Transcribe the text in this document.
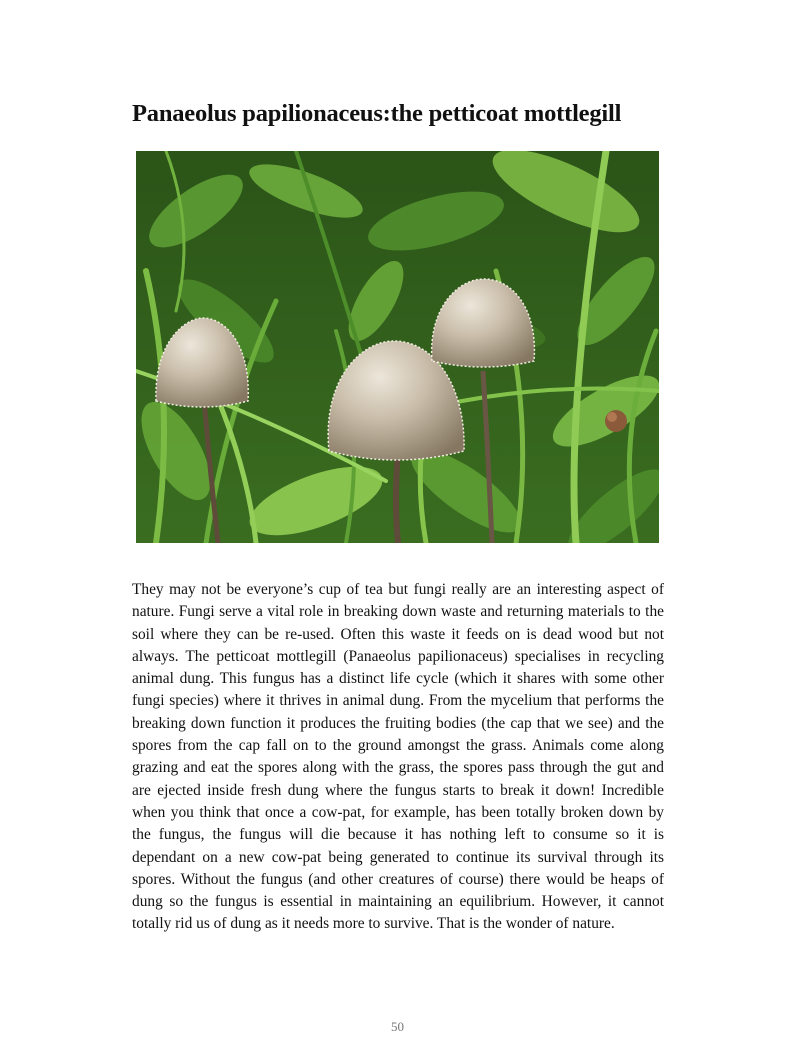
Panaeolus papilionaceus:the petticoat mottlegill

They may not be everyone’s cup of tea but fungi really are an interesting aspect of nature. Fungi serve a vital role in breaking down waste and returning materials to the soil where they can be re-used. Often this waste it feeds on is dead wood but not always. The petticoat mottlegill (Panaeolus papilionaceus) specialises in recycling animal dung. This fungus has a distinct life cycle (which it shares with some other fungi species) where it thrives in animal dung. From the mycelium that performs the breaking down function it produces the fruiting bodies (the cap that we see) and the spores from the cap fall on to the ground amongst the grass. Animals come along grazing and eat the spores along with the grass, the spores pass through the gut and are ejected inside fresh dung where the fungus starts to break it down! Incredible when you think that once a cow-pat, for example, has been totally broken down by the fungus, the fungus will die because it has nothing left to consume so it is dependant on a new cow-pat being generated to continue its survival through its spores. Without the fungus (and other creatures of course) there would be heaps of dung so the fungus is essential in maintaining an equilibrium. However, it cannot totally rid us of dung as it needs more to survive. That is the wonder of nature.

50
